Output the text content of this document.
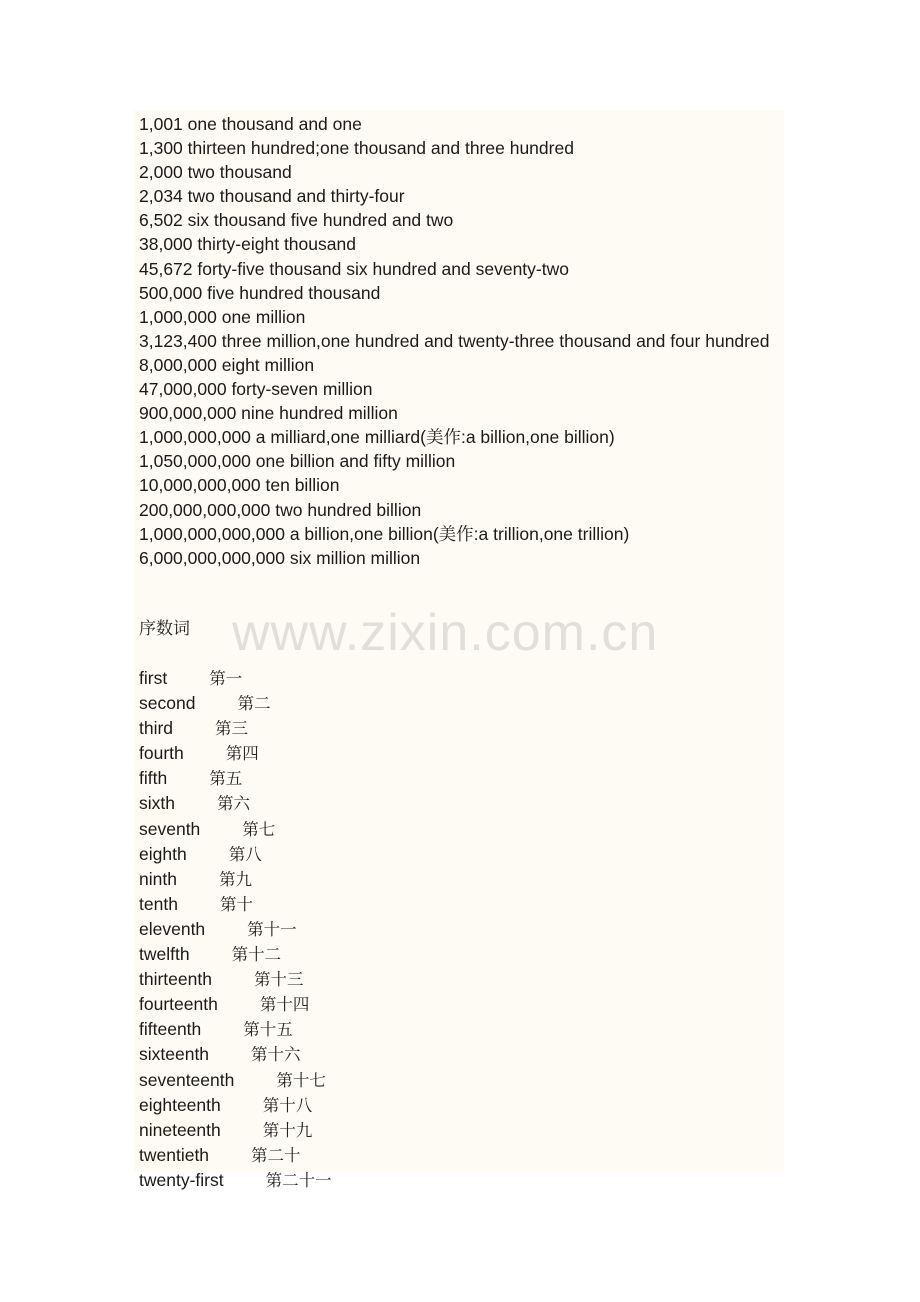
1,001 one thousand and one
1,300 thirteen hundred;one thousand and three hundred
2,000 two thousand
2,034 two thousand and thirty-four
6,502 six thousand five hundred and two
38,000 thirty-eight thousand
45,672 forty-five thousand six hundred and seventy-two
500,000 five hundred thousand
1,000,000 one million
3,123,400 three million,one hundred and twenty-three thousand and four hundred
8,000,000 eight million
47,000,000 forty-seven million
900,000,000 nine hundred million
1,000,000,000 a milliard,one milliard(美作:a billion,one billion)
1,050,000,000 one billion and fifty million
10,000,000,000 ten billion
200,000,000,000 two hundred billion
1,000,000,000,000 a billion,one billion(美作:a trillion,one trillion)
6,000,000,000,000 six million million
序数词
first	第一
second	第二
third	第三
fourth	第四
fifth	第五
sixth	第六
seventh	第七
eighth	第八
ninth	第九
tenth	第十
eleventh	第十一
twelfth	第十二
thirteenth	第十三
fourteenth	第十四
fifteenth	第十五
sixteenth	第十六
seventeenth	第十七
eighteenth	第十八
nineteenth	第十九
twentieth	第二十
twenty-first	第二十一
www.zixin.com.cn
